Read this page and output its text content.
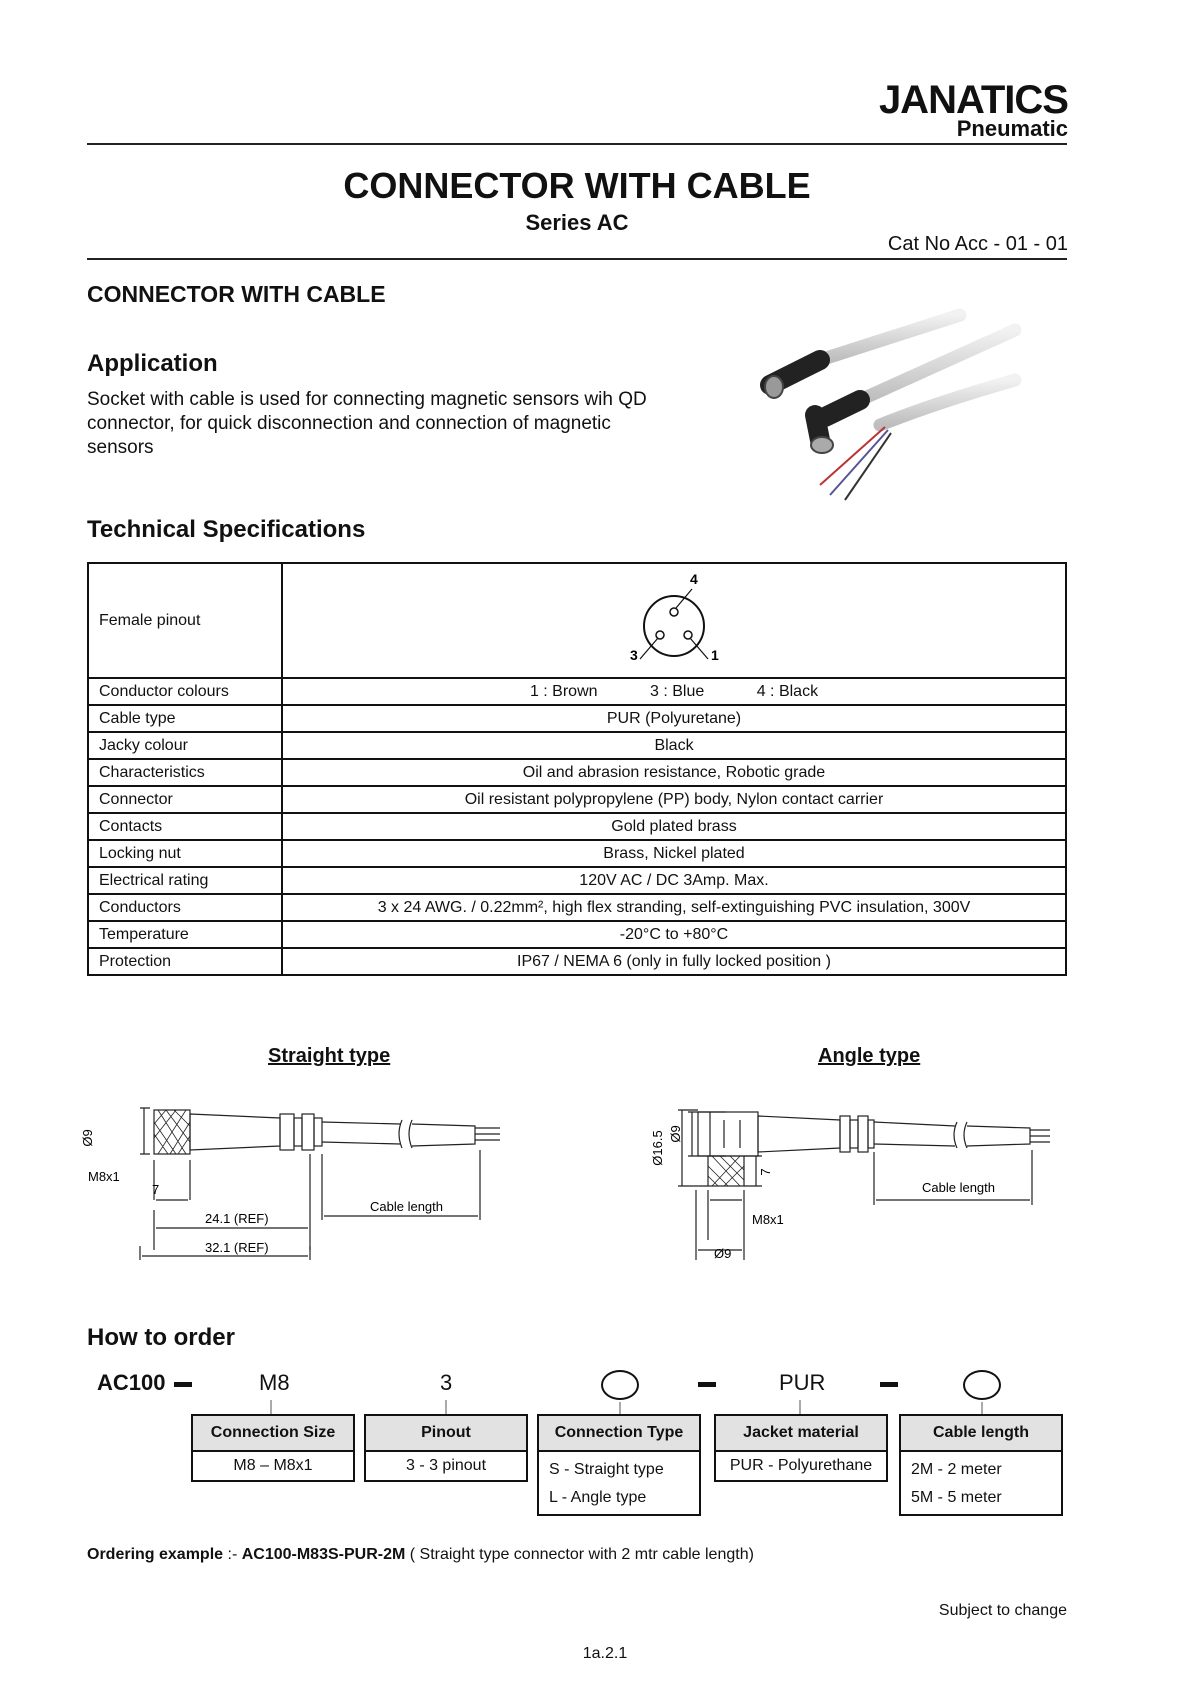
JANATICS
Pneumatic
CONNECTOR WITH CABLE
Series AC
Cat No Acc - 01 - 01
CONNECTOR WITH CABLE
Application
Socket with cable is used for connecting magnetic sensors wih QD connector, for quick disconnection and connection of magnetic sensors
Technical Specifications
Female pinout	4
3 1

Conductor colours	1 : Brown 3 : Blue 4 : Black
Cable type	PUR (Polyuretane)
Jacky colour	Black
Characteristics	Oil and abrasion resistance, Robotic grade
Connector	Oil resistant polypropylene (PP) body, Nylon contact carrier
Contacts	Gold plated brass
Locking nut	Brass, Nickel plated
Electrical rating	120V AC / DC 3Amp. Max.
Conductors	3 x 24 AWG. / 0.22mm², high flex stranding, self-extinguishing PVC insulation, 300V
Temperature	-20°C to +80°C
Protection	IP67 / NEMA 6 (only in fully locked position )
Straight type	Angle type
Ø9
M8x1
7
24.1 (REF)
Cable length
32.1 (REF)
Ø16.5 Ø9
7
M8x1
Ø9
Cable length
How to order
AC100	M8	3	PUR
Connection Size
M8 – M8x1
Pinout
3 - 3 pinout
Connection Type
S - Straight type
L - Angle type
Jacket material
PUR - Polyurethane
Cable length
2M - 2 meter
5M - 5 meter
Ordering example :- AC100-M83S-PUR-2M ( Straight type connector with 2 mtr cable length)
Subject to change
1a.2.1
